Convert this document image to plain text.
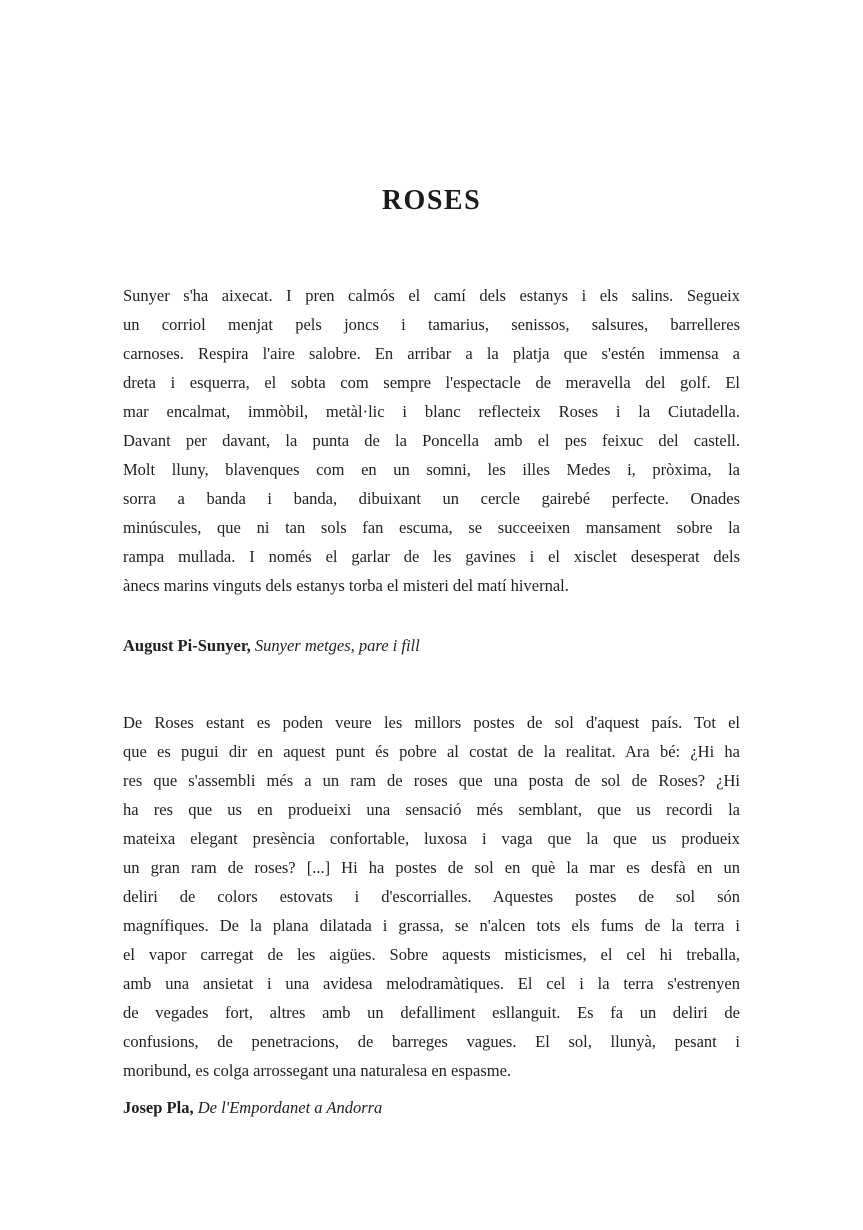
ROSES
Sunyer s'ha aixecat. I pren calmós el camí dels estanys i els salins. Segueix
un corriol menjat pels joncs i tamarius, senissos, salsures, barrelleres
carnoses. Respira l'aire salobre. En arribar a la platja que s'estén immensa a
dreta i esquerra, el sobta com sempre l'espectacle de meravella del golf. El
mar encalmat, immòbil, metàl·lic i blanc reflecteix Roses i la Ciutadella.
Davant per davant, la punta de la Poncella amb el pes feixuc del castell.
Molt lluny, blavenques com en un somni, les illes Medes i, pròxima, la
sorra a banda i banda, dibuixant un cercle gairebé perfecte. Onades
minúscules, que ni tan sols fan escuma, se succeeixen mansament sobre la
rampa mullada. I només el garlar de les gavines i el xisclet desesperat dels
ànecs marins vinguts dels estanys torba el misteri del matí hivernal.
August Pi-Sunyer, Sunyer metges, pare i fill
De Roses estant es poden veure les millors postes de sol d'aquest país. Tot el
que es pugui dir en aquest punt és pobre al costat de la realitat. Ara bé: ¿Hi ha
res que s'assembli més a un ram de roses que una posta de sol de Roses? ¿Hi
ha res que us en produeixi una sensació més semblant, que us recordi la
mateixa elegant presència confortable, luxosa i vaga que la que us produeix
un gran ram de roses? [...] Hi ha postes de sol en què la mar es desfà en un
deliri de colors estovats i d'escorrialles. Aquestes postes de sol són
magnífiques. De la plana dilatada i grassa, se n'alcen tots els fums de la terra i
el vapor carregat de les aigües. Sobre aquests misticismes, el cel hi treballa,
amb una ansietat i una avidesa melodramàtiques. El cel i la terra s'estrenyen
de vegades fort, altres amb un defalliment esllanguit. Es fa un deliri de
confusions, de penetracions, de barreges vagues. El sol, llunyà, pesant i
moribund, es colga arrossegant una naturalesa en espasme.
Josep Pla, De l'Empordanet a Andorra
